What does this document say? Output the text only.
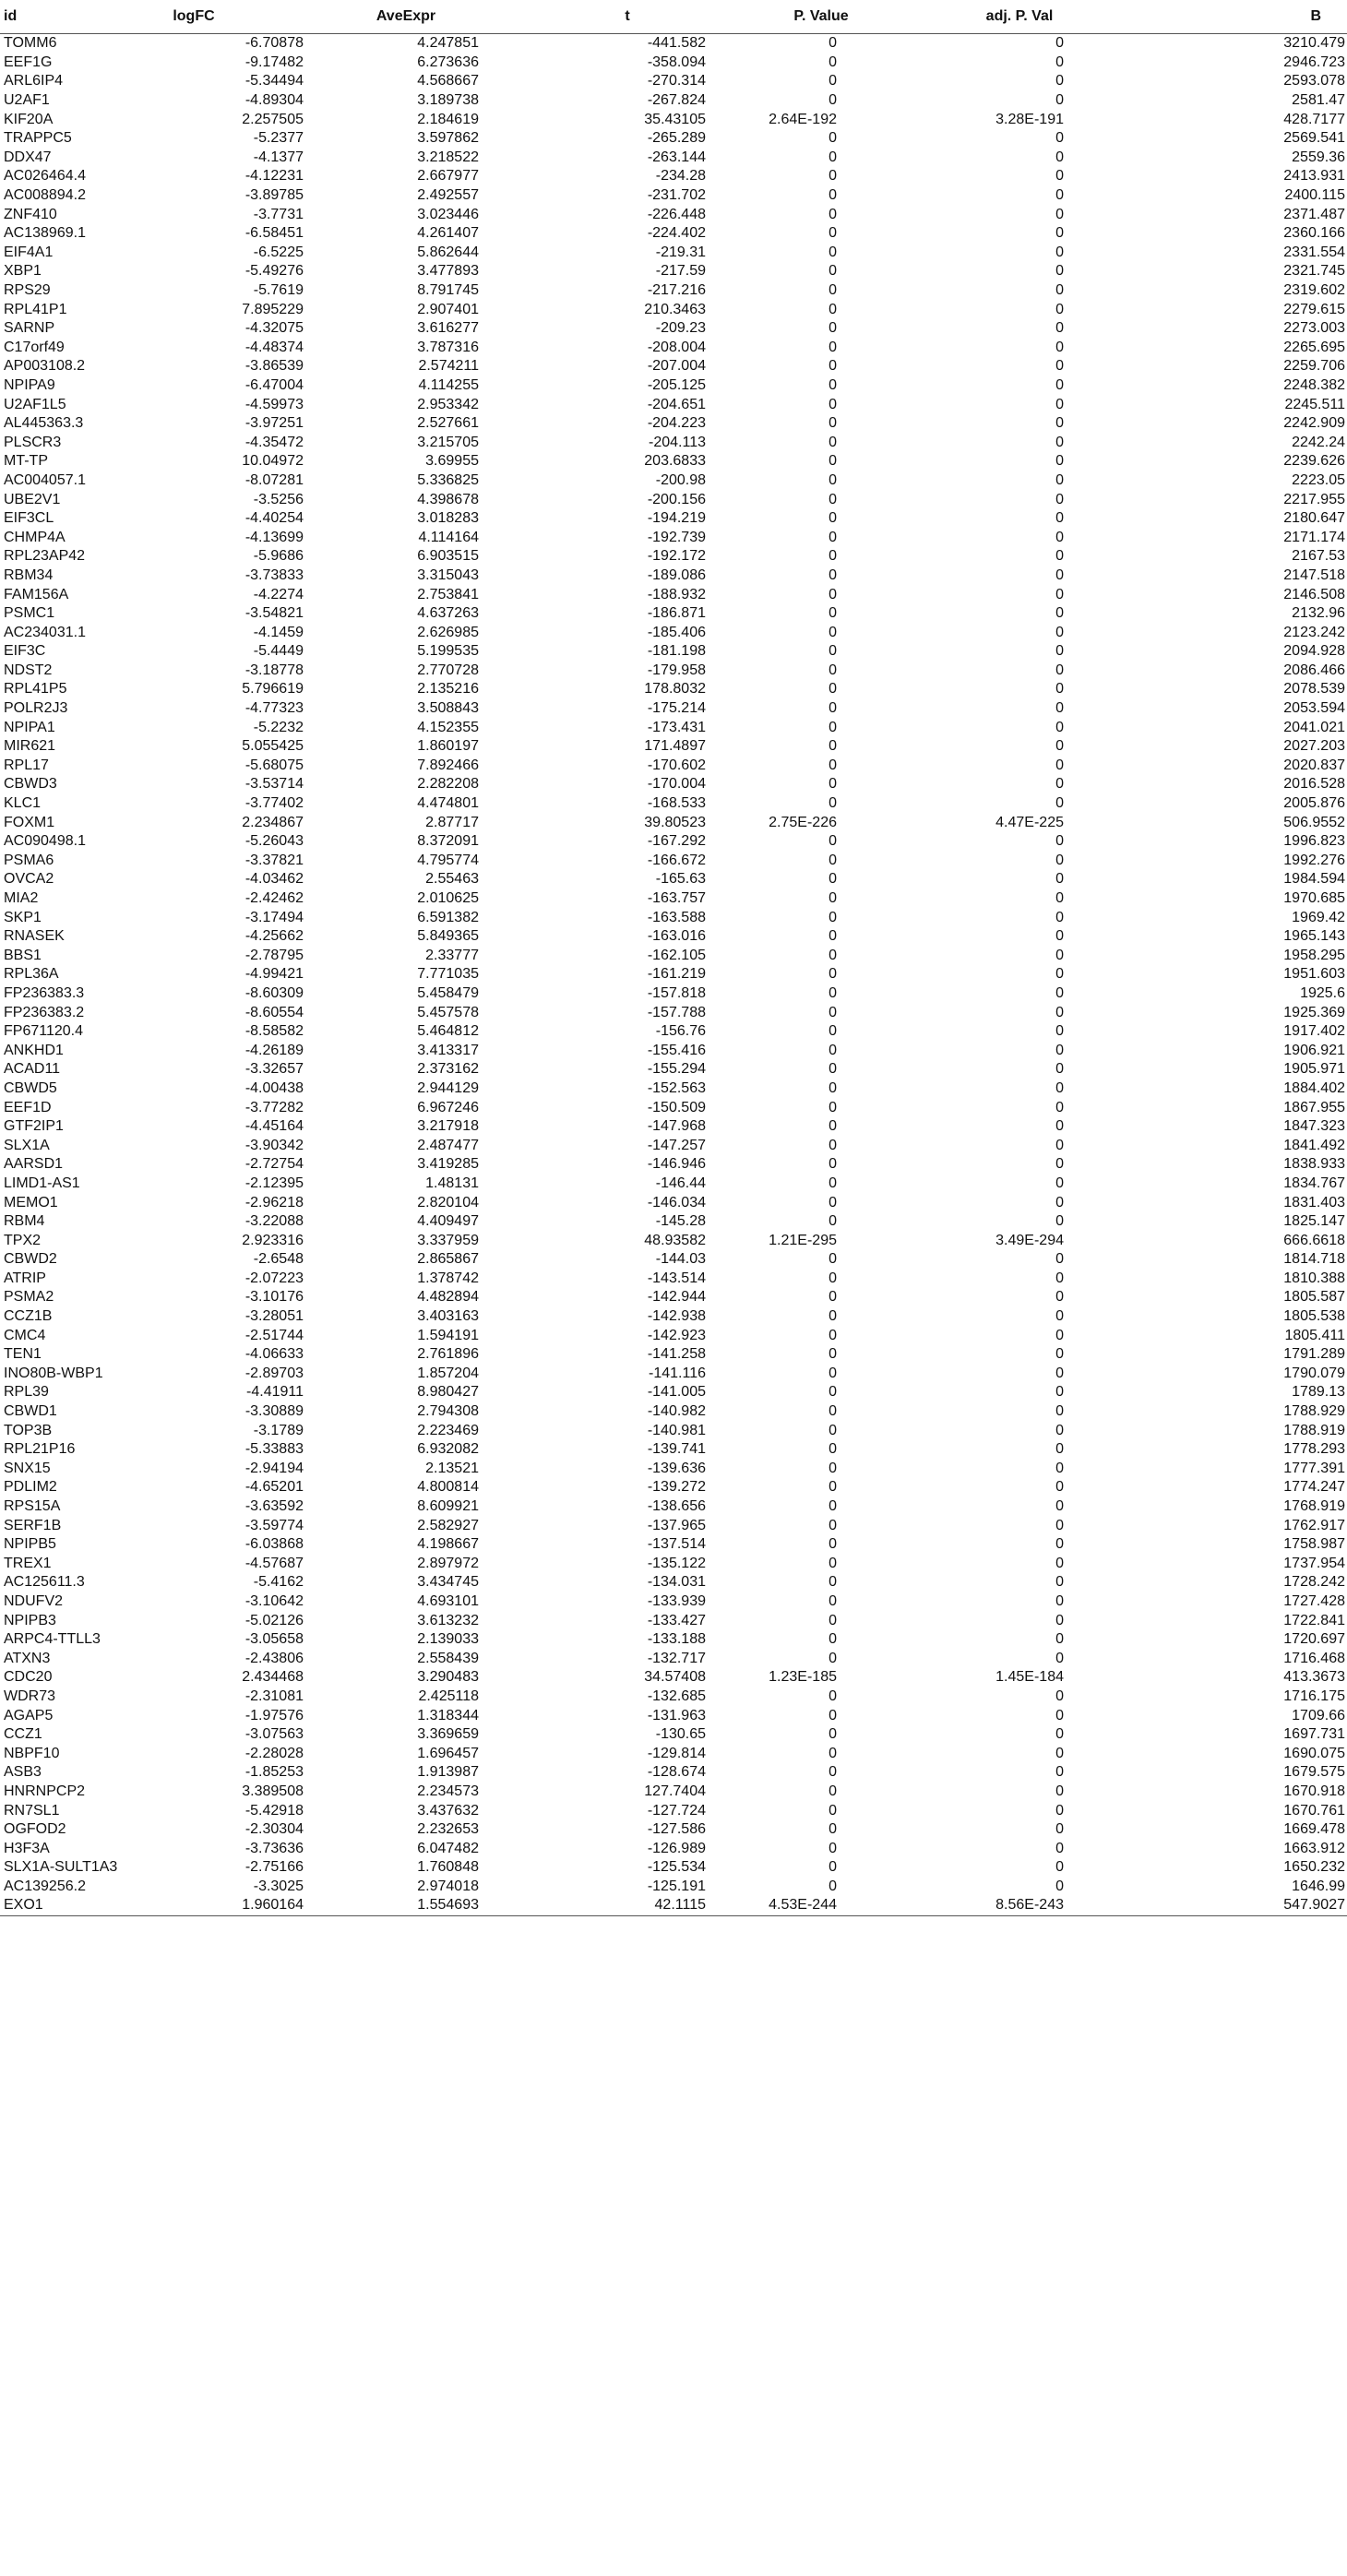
id	logFC	AveExpr	t	P. Value	adj. P. Val	B
TOMM6	-6.70878	4.247851	-441.582	0	0	3210.479
EEF1G	-9.17482	6.273636	-358.094	0	0	2946.723
ARL6IP4	-5.34494	4.568667	-270.314	0	0	2593.078
U2AF1	-4.89304	3.189738	-267.824	0	0	2581.47
KIF20A	2.257505	2.184619	35.43105	2.64E-192	3.28E-191	428.7177
TRAPPC5	-5.2377	3.597862	-265.289	0	0	2569.541
DDX47	-4.1377	3.218522	-263.144	0	0	2559.36
AC026464.4	-4.12231	2.667977	-234.28	0	0	2413.931
AC008894.2	-3.89785	2.492557	-231.702	0	0	2400.115
ZNF410	-3.7731	3.023446	-226.448	0	0	2371.487
AC138969.1	-6.58451	4.261407	-224.402	0	0	2360.166
EIF4A1	-6.5225	5.862644	-219.31	0	0	2331.554
XBP1	-5.49276	3.477893	-217.59	0	0	2321.745
RPS29	-5.7619	8.791745	-217.216	0	0	2319.602
RPL41P1	7.895229	2.907401	210.3463	0	0	2279.615
SARNP	-4.32075	3.616277	-209.23	0	0	2273.003
C17orf49	-4.48374	3.787316	-208.004	0	0	2265.695
AP003108.2	-3.86539	2.574211	-207.004	0	0	2259.706
NPIPA9	-6.47004	4.114255	-205.125	0	0	2248.382
U2AF1L5	-4.59973	2.953342	-204.651	0	0	2245.511
AL445363.3	-3.97251	2.527661	-204.223	0	0	2242.909
PLSCR3	-4.35472	3.215705	-204.113	0	0	2242.24
MT-TP	10.04972	3.69955	203.6833	0	0	2239.626
AC004057.1	-8.07281	5.336825	-200.98	0	0	2223.05
UBE2V1	-3.5256	4.398678	-200.156	0	0	2217.955
EIF3CL	-4.40254	3.018283	-194.219	0	0	2180.647
CHMP4A	-4.13699	4.114164	-192.739	0	0	2171.174
RPL23AP42	-5.9686	6.903515	-192.172	0	0	2167.53
RBM34	-3.73833	3.315043	-189.086	0	0	2147.518
FAM156A	-4.2274	2.753841	-188.932	0	0	2146.508
PSMC1	-3.54821	4.637263	-186.871	0	0	2132.96
AC234031.1	-4.1459	2.626985	-185.406	0	0	2123.242
EIF3C	-5.4449	5.199535	-181.198	0	0	2094.928
NDST2	-3.18778	2.770728	-179.958	0	0	2086.466
RPL41P5	5.796619	2.135216	178.8032	0	0	2078.539
POLR2J3	-4.77323	3.508843	-175.214	0	0	2053.594
NPIPA1	-5.2232	4.152355	-173.431	0	0	2041.021
MIR621	5.055425	1.860197	171.4897	0	0	2027.203
RPL17	-5.68075	7.892466	-170.602	0	0	2020.837
CBWD3	-3.53714	2.282208	-170.004	0	0	2016.528
KLC1	-3.77402	4.474801	-168.533	0	0	2005.876
FOXM1	2.234867	2.87717	39.80523	2.75E-226	4.47E-225	506.9552
AC090498.1	-5.26043	8.372091	-167.292	0	0	1996.823
PSMA6	-3.37821	4.795774	-166.672	0	0	1992.276
OVCA2	-4.03462	2.55463	-165.63	0	0	1984.594
MIA2	-2.42462	2.010625	-163.757	0	0	1970.685
SKP1	-3.17494	6.591382	-163.588	0	0	1969.42
RNASEK	-4.25662	5.849365	-163.016	0	0	1965.143
BBS1	-2.78795	2.33777	-162.105	0	0	1958.295
RPL36A	-4.99421	7.771035	-161.219	0	0	1951.603
FP236383.3	-8.60309	5.458479	-157.818	0	0	1925.6
FP236383.2	-8.60554	5.457578	-157.788	0	0	1925.369
FP671120.4	-8.58582	5.464812	-156.76	0	0	1917.402
ANKHD1	-4.26189	3.413317	-155.416	0	0	1906.921
ACAD11	-3.32657	2.373162	-155.294	0	0	1905.971
CBWD5	-4.00438	2.944129	-152.563	0	0	1884.402
EEF1D	-3.77282	6.967246	-150.509	0	0	1867.955
GTF2IP1	-4.45164	3.217918	-147.968	0	0	1847.323
SLX1A	-3.90342	2.487477	-147.257	0	0	1841.492
AARSD1	-2.72754	3.419285	-146.946	0	0	1838.933
LIMD1-AS1	-2.12395	1.48131	-146.44	0	0	1834.767
MEMO1	-2.96218	2.820104	-146.034	0	0	1831.403
RBM4	-3.22088	4.409497	-145.28	0	0	1825.147
TPX2	2.923316	3.337959	48.93582	1.21E-295	3.49E-294	666.6618
CBWD2	-2.6548	2.865867	-144.03	0	0	1814.718
ATRIP	-2.07223	1.378742	-143.514	0	0	1810.388
PSMA2	-3.10176	4.482894	-142.944	0	0	1805.587
CCZ1B	-3.28051	3.403163	-142.938	0	0	1805.538
CMC4	-2.51744	1.594191	-142.923	0	0	1805.411
TEN1	-4.06633	2.761896	-141.258	0	0	1791.289
INO80B-WBP1	-2.89703	1.857204	-141.116	0	0	1790.079
RPL39	-4.41911	8.980427	-141.005	0	0	1789.13
CBWD1	-3.30889	2.794308	-140.982	0	0	1788.929
TOP3B	-3.1789	2.223469	-140.981	0	0	1788.919
RPL21P16	-5.33883	6.932082	-139.741	0	0	1778.293
SNX15	-2.94194	2.13521	-139.636	0	0	1777.391
PDLIM2	-4.65201	4.800814	-139.272	0	0	1774.247
RPS15A	-3.63592	8.609921	-138.656	0	0	1768.919
SERF1B	-3.59774	2.582927	-137.965	0	0	1762.917
NPIPB5	-6.03868	4.198667	-137.514	0	0	1758.987
TREX1	-4.57687	2.897972	-135.122	0	0	1737.954
AC125611.3	-5.4162	3.434745	-134.031	0	0	1728.242
NDUFV2	-3.10642	4.693101	-133.939	0	0	1727.428
NPIPB3	-5.02126	3.613232	-133.427	0	0	1722.841
ARPC4-TTLL3	-3.05658	2.139033	-133.188	0	0	1720.697
ATXN3	-2.43806	2.558439	-132.717	0	0	1716.468
CDC20	2.434468	3.290483	34.57408	1.23E-185	1.45E-184	413.3673
WDR73	-2.31081	2.425118	-132.685	0	0	1716.175
AGAP5	-1.97576	1.318344	-131.963	0	0	1709.66
CCZ1	-3.07563	3.369659	-130.65	0	0	1697.731
NBPF10	-2.28028	1.696457	-129.814	0	0	1690.075
ASB3	-1.85253	1.913987	-128.674	0	0	1679.575
HNRNPCP2	3.389508	2.234573	127.7404	0	0	1670.918
RN7SL1	-5.42918	3.437632	-127.724	0	0	1670.761
OGFOD2	-2.30304	2.232653	-127.586	0	0	1669.478
H3F3A	-3.73636	6.047482	-126.989	0	0	1663.912
SLX1A-SULT1A3	-2.75166	1.760848	-125.534	0	0	1650.232
AC139256.2	-3.3025	2.974018	-125.191	0	0	1646.99
EXO1	1.960164	1.554693	42.1115	4.53E-244	8.56E-243	547.9027
